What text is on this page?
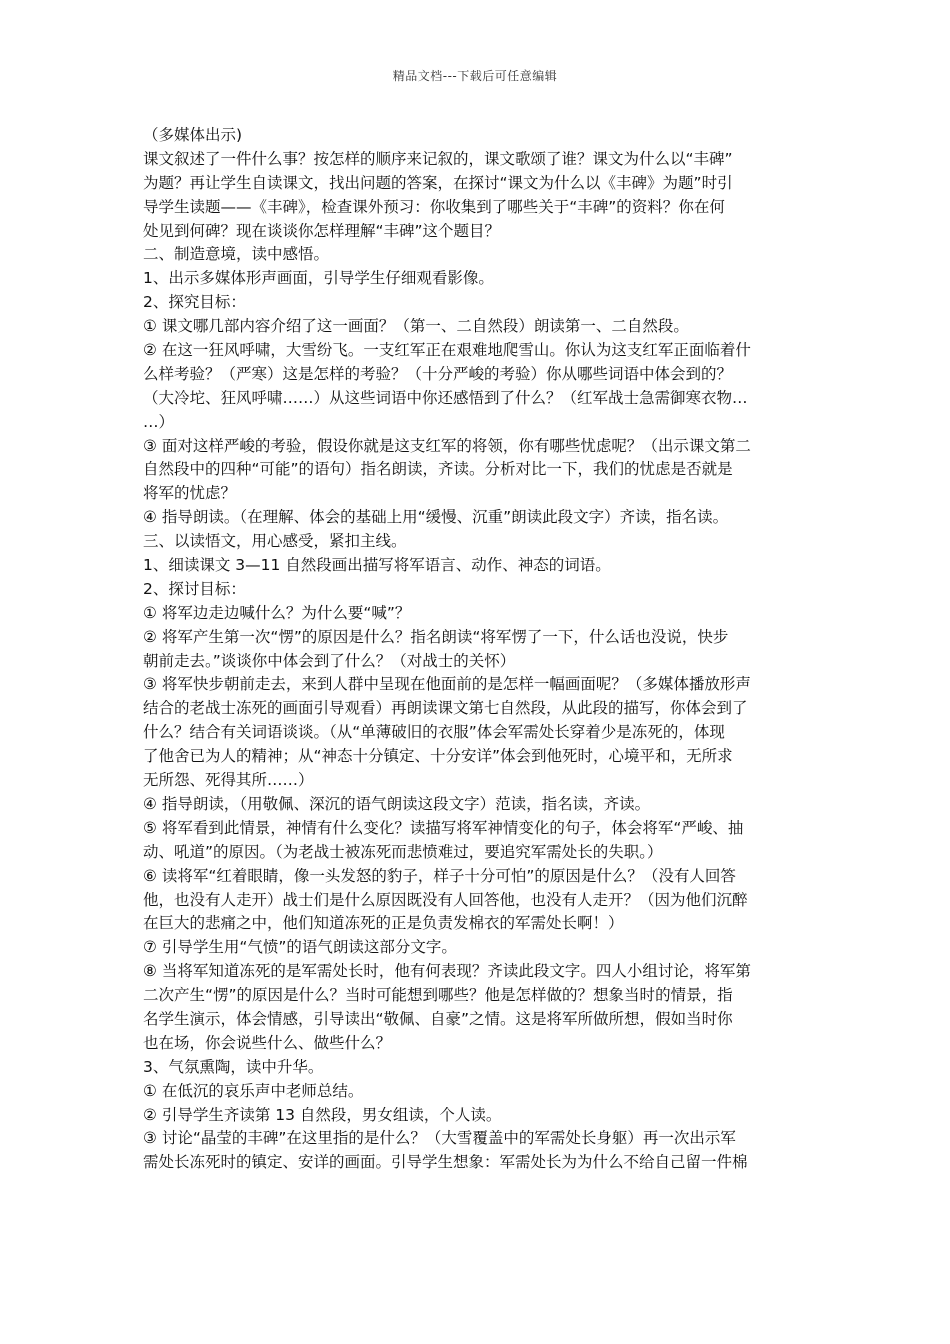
精品文档---下载后可任意编辑
（多媒体出示)
课文叙述了一件什么事？按怎样的顺序来记叙的，课文歌颂了谁？课文为什么以“丰碑”
为题？再让学生自读课文，找出问题的答案，在探讨“课文为什么以《丰碑》为题”时引
导学生读题——《丰碑》，检查课外预习：你收集到了哪些关于“丰碑”的资料？你在何
处见到何碑？现在谈谈你怎样理解“丰碑”这个题目？
二、制造意境，读中感悟。
1、出示多媒体形声画面，引导学生仔细观看影像。
2、探究目标：
① 课文哪几部内容介绍了这一画面？（第一、二自然段）朗读第一、二自然段。
② 在这一狂风呼啸，大雪纷飞。一支红军正在艰难地爬雪山。你认为这支红军正面临着什
么样考验？（严寒）这是怎样的考验？（十分严峻的考验）你从哪些词语中体会到的？
（大冷坨、狂风呼啸……）从这些词语中你还感悟到了什么？（红军战士急需御寒衣物…
…）
③ 面对这样严峻的考验，假设你就是这支红军的将领，你有哪些忧虑呢？（出示课文第二
自然段中的四种“可能”的语句）指名朗读，齐读。分析对比一下，我们的忧虑是否就是
将军的忧虑？
④ 指导朗读。（在理解、体会的基础上用“缓慢、沉重”朗读此段文字）齐读，指名读。
三、以读悟文，用心感受，紧扣主线。
1、细读课文 3—11 自然段画出描写将军语言、动作、神态的词语。
2、探讨目标：
① 将军边走边喊什么？为什么要“喊”？
② 将军产生第一次“愣”的原因是什么？指名朗读“将军愣了一下，什么话也没说，快步
朝前走去。”谈谈你中体会到了什么？（对战士的关怀）
③ 将军快步朝前走去，来到人群中呈现在他面前的是怎样一幅画面呢？（多媒体播放形声
结合的老战士冻死的画面引导观看）再朗读课文第七自然段，从此段的描写，你体会到了
什么？结合有关词语谈谈。（从“单薄破旧的衣服”体会军需处长穿着少是冻死的，体现
了他舍已为人的精神；从“神态十分镇定、十分安详”体会到他死时，心境平和，无所求
无所怨、死得其所……）
④ 指导朗读，（用敬佩、深沉的语气朗读这段文字）范读，指名读，齐读。
⑤ 将军看到此情景，神情有什么变化？读描写将军神情变化的句子，体会将军“严峻、抽
动、吼道”的原因。（为老战士被冻死而悲愤难过，要追究军需处长的失职。）
⑥ 读将军“红着眼睛，像一头发怒的豹子，样子十分可怕”的原因是什么？（没有人回答
他，也没有人走开）战士们是什么原因既没有人回答他，也没有人走开？（因为他们沉醉
在巨大的悲痛之中，他们知道冻死的正是负责发棉衣的军需处长啊！）
⑦ 引导学生用“气愤”的语气朗读这部分文字。
⑧ 当将军知道冻死的是军需处长时，他有何表现？齐读此段文字。四人小组讨论，将军第
二次产生“愣”的原因是什么？当时可能想到哪些？他是怎样做的？想象当时的情景，指
名学生演示，体会情感，引导读出“敬佩、自豪”之情。这是将军所做所想，假如当时你
也在场，你会说些什么、做些什么？
3、气氛熏陶，读中升华。
① 在低沉的哀乐声中老师总结。
② 引导学生齐读第 13 自然段，男女组读，个人读。
③ 讨论“晶莹的丰碑”在这里指的是什么？（大雪覆盖中的军需处长身躯）再一次出示军
需处长冻死时的镇定、安详的画面。引导学生想象：军需处长为为什么不给自己留一件棉
